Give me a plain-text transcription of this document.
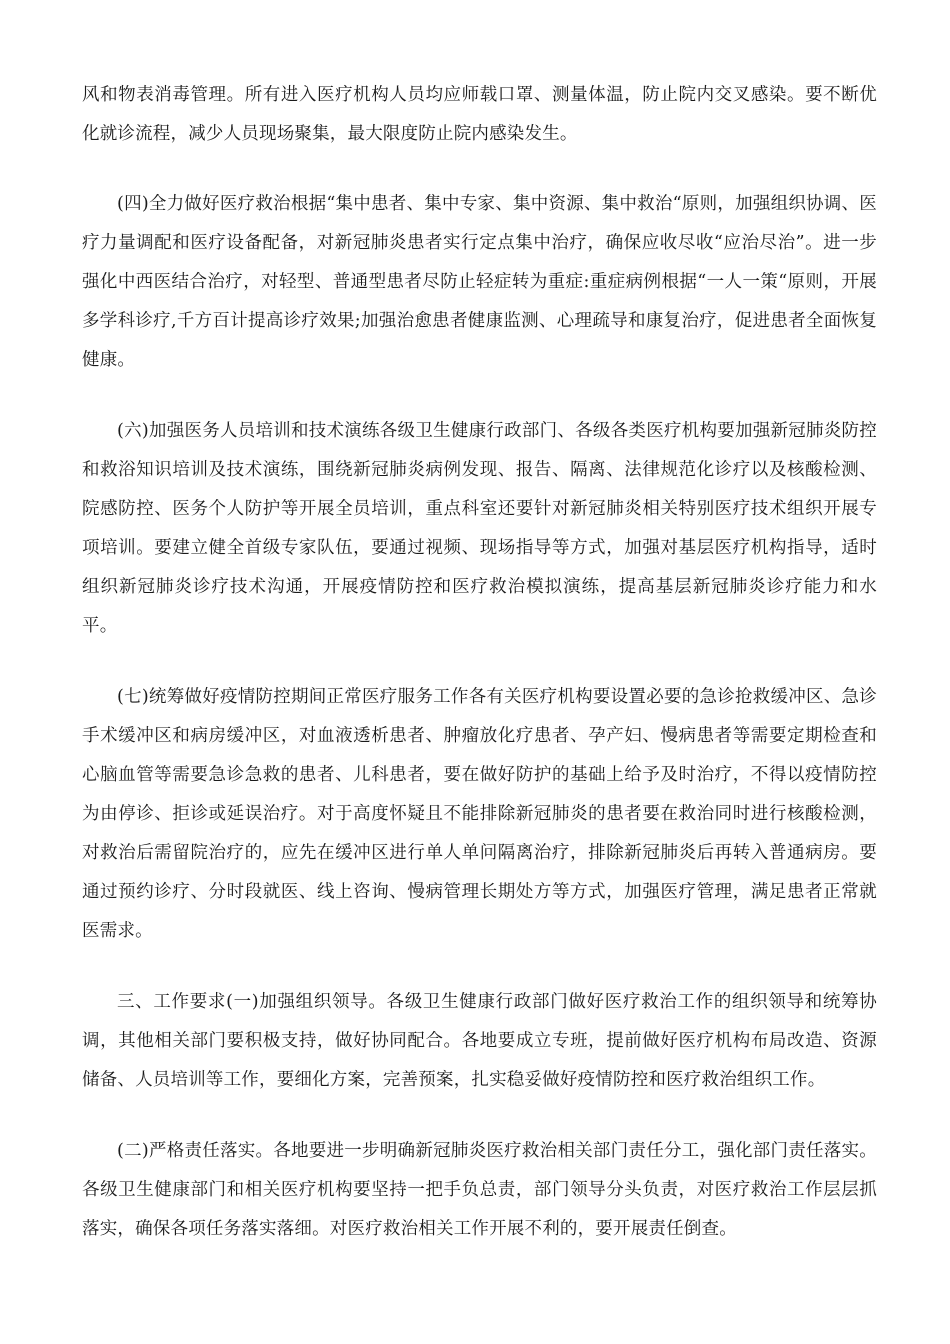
风和物表消毒管理。所有进入医疗机构人员均应师载口罩、测量体温，防止院内交叉感染。要不断优化就诊流程，减少人员现场聚集，最大限度防止院内感染发生。

(四)全力做好医疗救治根据“集中患者、集中专家、集中资源、集中救治“原则，加强组织协调、医疗力量调配和医疗设备配备，对新冠肺炎患者实行定点集中治疗，确保应收尽收“应治尽治”。进一步强化中西医结合治疗，对轻型、普通型患者尽防止轻症转为重症:重症病例根据“一人一策“原则，开展多学科诊疗,千方百计提高诊疗效果;加强治愈患者健康监测、心理疏导和康复治疗，促进患者全面恢复健康。

(六)加强医务人员培训和技术演练各级卫生健康行政部门、各级各类医疗机构要加强新冠肺炎防控和救浴知识培训及技术演练，围绕新冠肺炎病例发现、报告、隔离、法律规范化诊疗以及核酸检测、院感防控、医务个人防护等开展全员培训，重点科室还要针对新冠肺炎相关特别医疗技术组织开展专项培训。要建立健全首级专家队伍，要通过视频、现场指导等方式，加强对基层医疗机构指导，适时组织新冠肺炎诊疗技术沟通，开展疫情防控和医疗救治模拟演练，提高基层新冠肺炎诊疗能力和水平。

(七)统筹做好疫情防控期间正常医疗服务工作各有关医疗机构要设置必要的急诊抢救缓冲区、急诊手术缓冲区和病房缓冲区，对血液透析患者、肿瘤放化疗患者、孕产妇、慢病患者等需要定期检查和心脑血管等需要急诊急救的患者、儿科患者，要在做好防护的基础上给予及时治疗，不得以疫情防控为由停诊、拒诊或延误治疗。对于高度怀疑且不能排除新冠肺炎的患者要在救治同时进行核酸检测，对救治后需留院治疗的，应先在缓冲区进行单人单问隔离治疗，排除新冠肺炎后再转入普通病房。要通过预约诊疗、分时段就医、线上咨询、慢病管理长期处方等方式，加强医疗管理，满足患者正常就医需求。

三、工作要求(一)加强组织领导。各级卫生健康行政部门做好医疗救治工作的组织领导和统筹协调，其他相关部门要积极支持，做好协同配合。各地要成立专班，提前做好医疗机构布局改造、资源储备、人员培训等工作，要细化方案，完善预案，扎实稳妥做好疫情防控和医疗救治组织工作。

(二)严格责任落实。各地要进一步明确新冠肺炎医疗救治相关部门责任分工，强化部门责任落实。各级卫生健康部门和相关医疗机构要坚持一把手负总责，部门领导分头负责，对医疗救治工作层层抓落实，确保各项任务落实落细。对医疗救治相关工作开展不利的，要开展责任倒查。
